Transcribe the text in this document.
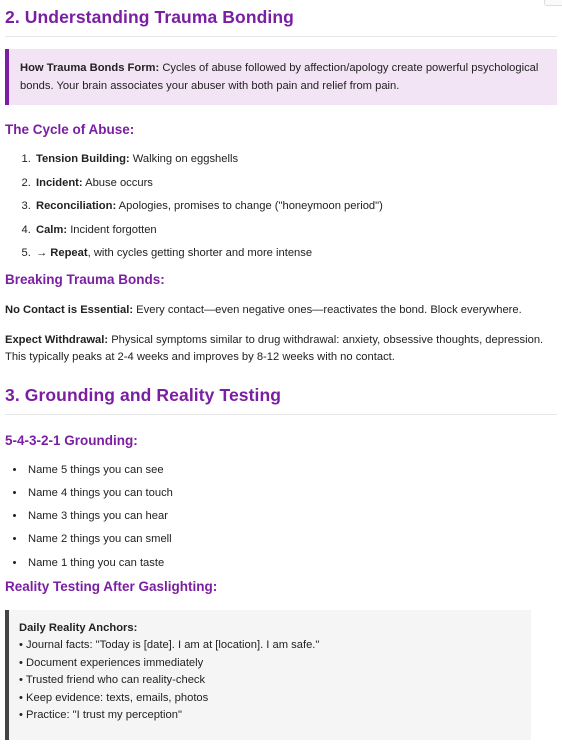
2. Understanding Trauma Bonding
How Trauma Bonds Form: Cycles of abuse followed by affection/apology create powerful psychological bonds. Your brain associates your abuser with both pain and relief from pain.
The Cycle of Abuse:
1. Tension Building: Walking on eggshells
2. Incident: Abuse occurs
3. Reconciliation: Apologies, promises to change ("honeymoon period")
4. Calm: Incident forgotten
5. → Repeat, with cycles getting shorter and more intense
Breaking Trauma Bonds:

No Contact is Essential: Every contact—even negative ones—reactivates the bond. Block everywhere.

Expect Withdrawal: Physical symptoms similar to drug withdrawal: anxiety, obsessive thoughts, depression. This typically peaks at 2-4 weeks and improves by 8-12 weeks with no contact.

3. Grounding and Reality Testing
5-4-3-2-1 Grounding:
• Name 5 things you can see
• Name 4 things you can touch
• Name 3 things you can hear
• Name 2 things you can smell
• Name 1 thing you can taste
Reality Testing After Gaslighting:
Daily Reality Anchors:
• Journal facts: "Today is [date]. I am at [location]. I am safe."
• Document experiences immediately
• Trusted friend who can reality-check
• Keep evidence: texts, emails, photos
• Practice: "I trust my perception"
